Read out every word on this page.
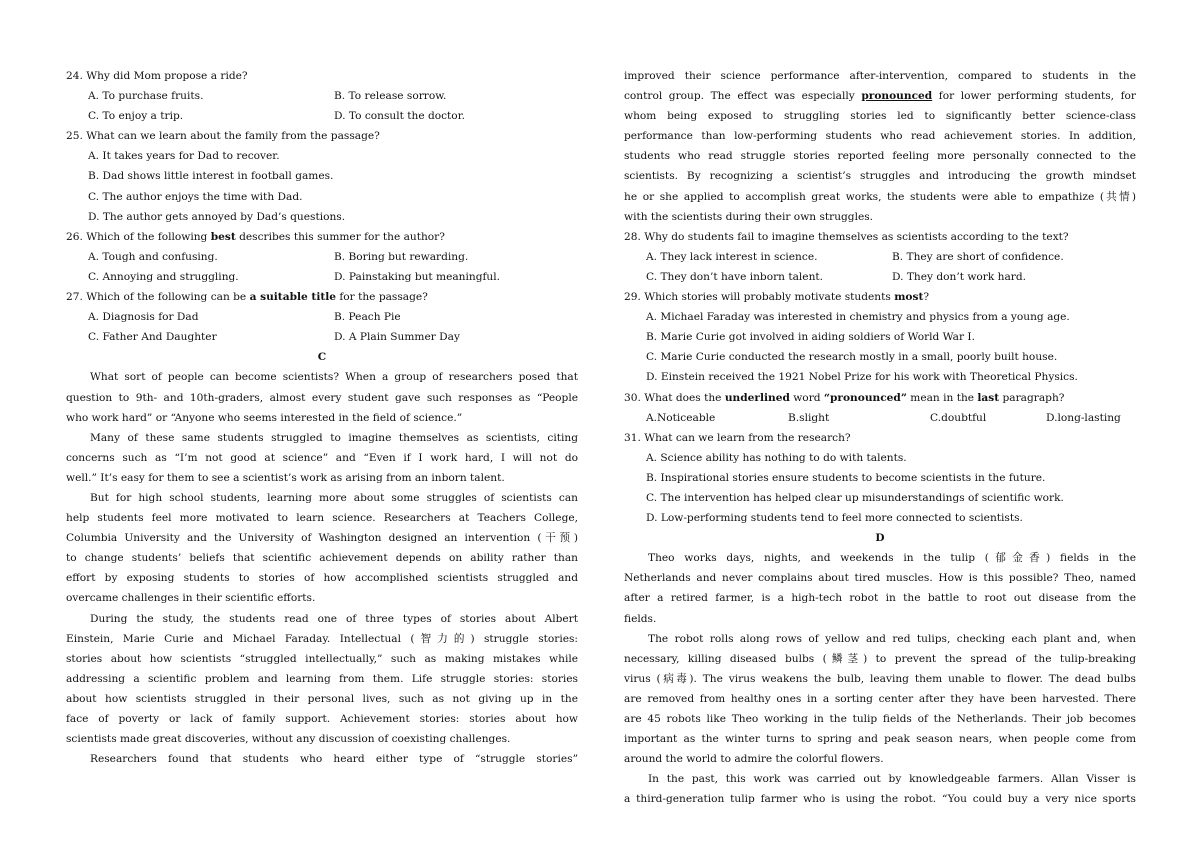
24. Why did Mom propose a ride?
A. To purchase fruits.	B. To release sorrow.
C. To enjoy a trip.	D. To consult the doctor.
25. What can we learn about the family from the passage?
A. It takes years for Dad to recover.
B. Dad shows little interest in football games.
C. The author enjoys the time with Dad.
D. The author gets annoyed by Dad’s questions.
26. Which of the following best describes this summer for the author?
A. Tough and confusing.	B. Boring but rewarding.
C. Annoying and struggling.	D. Painstaking but meaningful.
27. Which of the following can be a suitable title for the passage?
A. Diagnosis for Dad	B. Peach Pie
C. Father And Daughter	D. A Plain Summer Day
C
What sort of people can become scientists? When a group of researchers posed that
question to 9th- and 10th-graders, almost every student gave such responses as “People
who work hard” or “Anyone who seems interested in the field of science.”
Many of these same students struggled to imagine themselves as scientists, citing
concerns such as “I’m not good at science” and “Even if I work hard, I will not do
well.” It’s easy for them to see a scientist’s work as arising from an inborn talent.
But for high school students, learning more about some struggles of scientists can
help students feel more motivated to learn science. Researchers at Teachers College,
Columbia University and the University of Washington designed an intervention (干预)
to change students’ beliefs that scientific achievement depends on ability rather than
effort by exposing students to stories of how accomplished scientists struggled and
overcame challenges in their scientific efforts.
During the study, the students read one of three types of stories about Albert
Einstein, Marie Curie and Michael Faraday. Intellectual (智力的) struggle stories:
stories about how scientists “struggled intellectually,” such as making mistakes while
addressing a scientific problem and learning from them. Life struggle stories: stories
about how scientists struggled in their personal lives, such as not giving up in the
face of poverty or lack of family support. Achievement stories: stories about how
scientists made great discoveries, without any discussion of coexisting challenges.
Researchers found that students who heard either type of “struggle stories”
improved their science performance after-intervention, compared to students in the
control group. The effect was especially pronounced for lower performing students, for
whom being exposed to struggling stories led to significantly better science-class
performance than low-performing students who read achievement stories. In addition,
students who read struggle stories reported feeling more personally connected to the
scientists. By recognizing a scientist’s struggles and introducing the growth mindset
he or she applied to accomplish great works, the students were able to empathize (共情)
with the scientists during their own struggles.
28. Why do students fail to imagine themselves as scientists according to the text?
A. They lack interest in science.	B. They are short of confidence.
C. They don’t have inborn talent.	D. They don’t work hard.
29. Which stories will probably motivate students most?
A. Michael Faraday was interested in chemistry and physics from a young age.
B. Marie Curie got involved in aiding soldiers of World War Ⅰ.
C. Marie Curie conducted the research mostly in a small, poorly built house.
D. Einstein received the 1921 Nobel Prize for his work with Theoretical Physics.
30. What does the underlined word “pronounced” mean in the last paragraph?
A.Noticeable	B.slight	C.doubtful	D.long-lasting
31. What can we learn from the research?
A. Science ability has nothing to do with talents.
B. Inspirational stories ensure students to become scientists in the future.
C. The intervention has helped clear up misunderstandings of scientific work.
D. Low-performing students tend to feel more connected to scientists.
D
Theo works days, nights, and weekends in the tulip (郁金香) fields in the
Netherlands and never complains about tired muscles. How is this possible? Theo, named
after a retired farmer, is a high-tech robot in the battle to root out disease from the
fields.
The robot rolls along rows of yellow and red tulips, checking each plant and, when
necessary, killing diseased bulbs (鳞茎) to prevent the spread of the tulip-breaking
virus (病毒). The virus weakens the bulb, leaving them unable to flower. The dead bulbs
are removed from healthy ones in a sorting center after they have been harvested. There
are 45 robots like Theo working in the tulip fields of the Netherlands. Their job becomes
important as the winter turns to spring and peak season nears, when people come from
around the world to admire the colorful flowers.
In the past, this work was carried out by knowledgeable farmers. Allan Visser is
a third-generation tulip farmer who is using the robot. “You could buy a very nice sports
